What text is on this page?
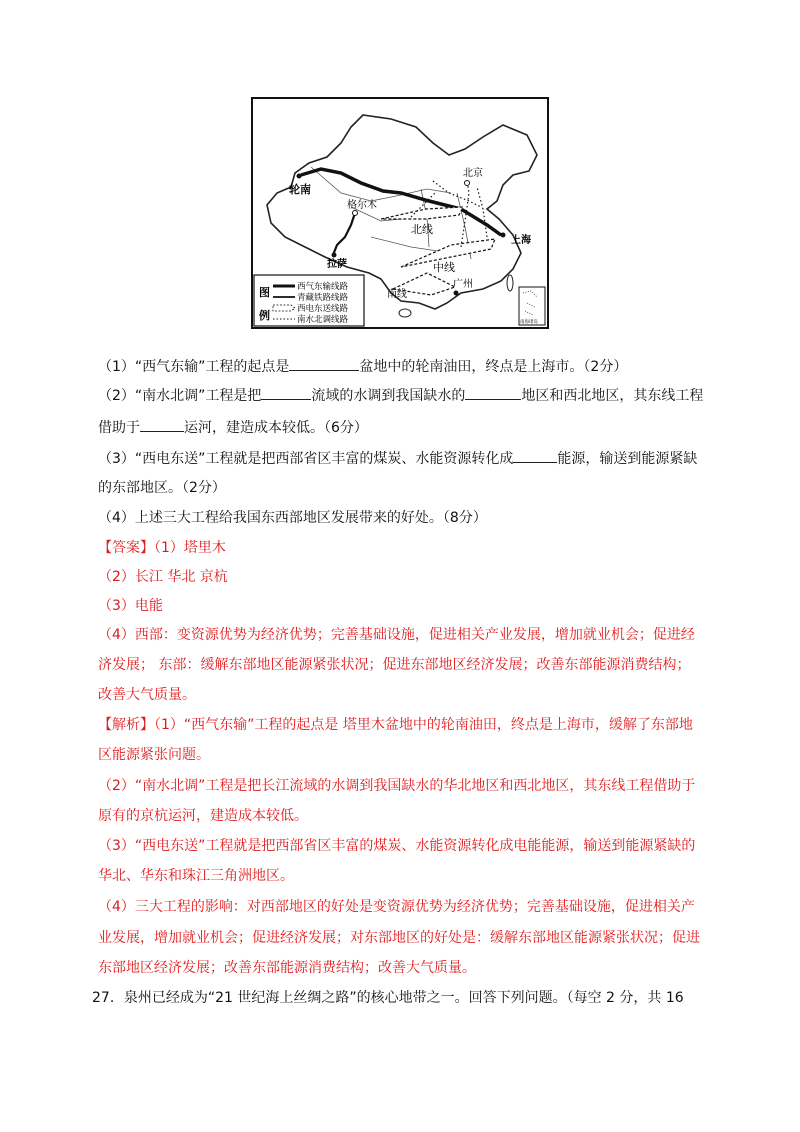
轮南
格尔木
拉萨
北京
上海
广州
北线
中线
南线
图
例
西气东输线路
青藏铁路线路
西电东送线路
南水北调线路	南海诸岛
（1）“西气东输”工程的起点是	盆地中的轮南油田，终点是上海市。（2分）
（2）“南水北调”工程是把	流域的水调到我国缺水的	地区和西北地区，其东线工程
借助于	运河，建造成本较低。（6分）
（3）“西电东送”工程就是把西部省区丰富的煤炭、水能资源转化成	能源，输送到能源紧缺
的东部地区。（2分）
（4）上述三大工程给我国东西部地区发展带来的好处。（8分）
【答案】（1）塔里木
（2）长江 华北 京杭
（3）电能
（4）西部：变资源优势为经济优势；完善基础设施，促进相关产业发展，增加就业机会；促进经
济发展； 东部：缓解东部地区能源紧张状况；促进东部地区经济发展；改善东部能源消费结构；
改善大气质量。
【解析】（1）“西气东输”工程的起点是 塔里木盆地中的轮南油田，终点是上海市，缓解了东部地
区能源紧张问题。
（2）“南水北调”工程是把长江流域的水调到我国缺水的华北地区和西北地区，其东线工程借助于
原有的京杭运河，建造成本较低。
（3）“西电东送”工程就是把西部省区丰富的煤炭、水能资源转化成电能能源，输送到能源紧缺的
华北、华东和珠江三角洲地区。
（4）三大工程的影响：对西部地区的好处是变资源优势为经济优势；完善基础设施，促进相关产
业发展，增加就业机会；促进经济发展；对东部地区的好处是：缓解东部地区能源紧张状况；促进
东部地区经济发展；改善东部能源消费结构；改善大气质量。
27．泉州已经成为“21 世纪海上丝绸之路”的核心地带之一。回答下列问题。（每空 2 分，共 16
